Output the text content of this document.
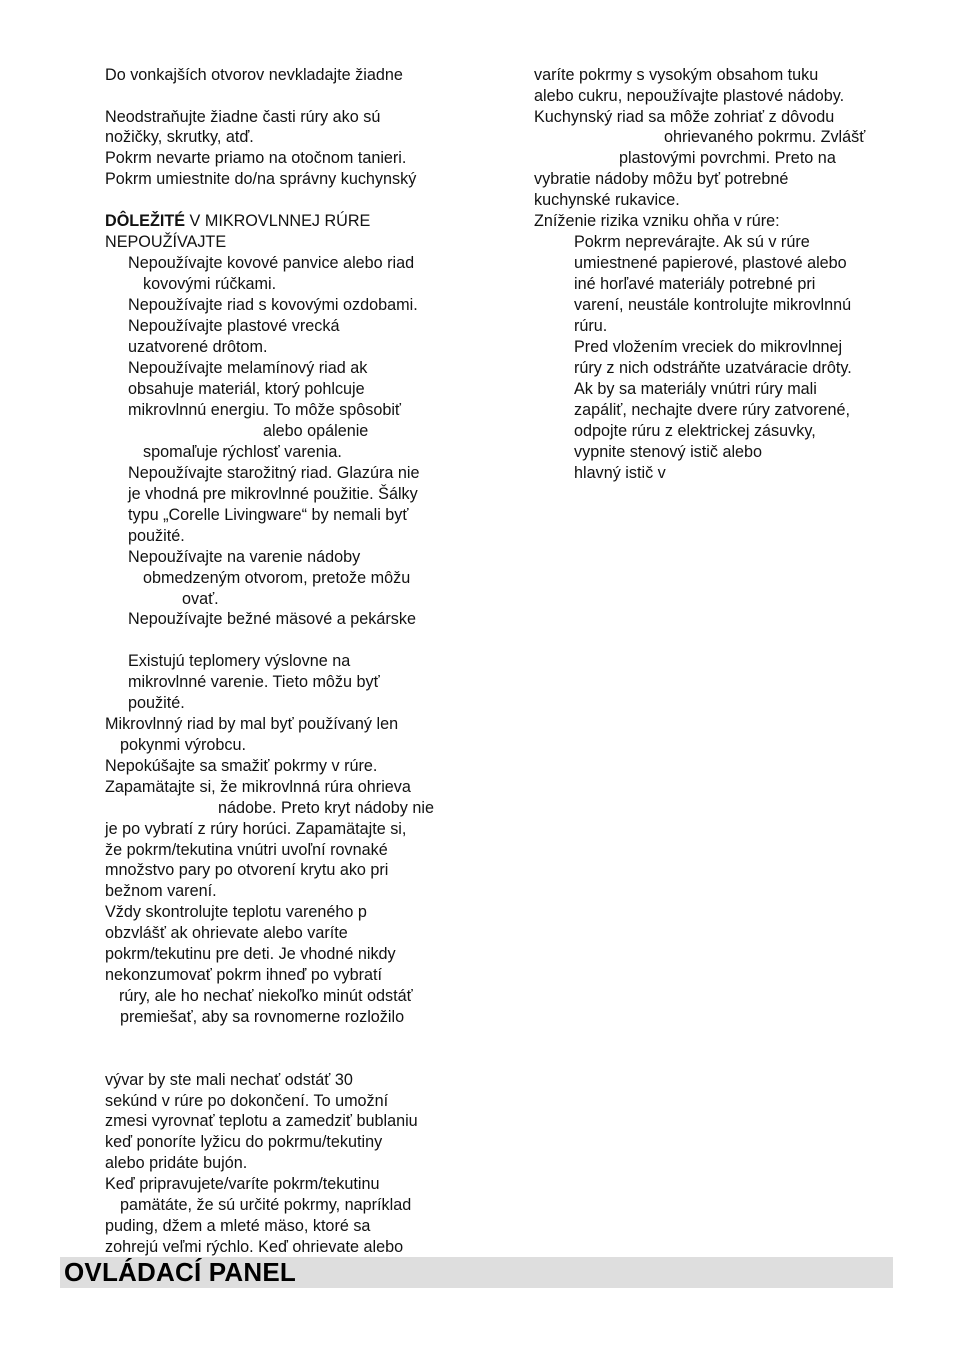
Do vonkajších otvorov nevkladajte žiadne
Neodstraňujte žiadne časti rúry ako sú
nožičky, skrutky, atď.
Pokrm nevarte priamo na otočnom tanieri.
Pokrm umiestnite do/na správny kuchynský
DÔLEŽITÉ V MIKROVLNNEJ RÚRE
NEPOUŽÍVAJTE
Nepoužívajte kovové panvice alebo riad
kovovými rúčkami.
Nepoužívajte riad s kovovými ozdobami.
Nepoužívajte plastové vrecká
uzatvorené drôtom.
Nepoužívajte melamínový riad ak
obsahuje materiál, ktorý pohlcuje
mikrovlnnú energiu. To môže spôsobiť
alebo opálenie
spomaľuje rýchlosť varenia.
Nepoužívajte starožitný riad. Glazúra nie
je vhodná pre mikrovlnné použitie. Šálky
typu „Corelle Livingware“ by nemali byť
použité.
Nepoužívajte na varenie nádoby
obmedzeným otvorom, pretože môžu
ovať.
Nepoužívajte bežné mäsové a pekárske
Existujú teplomery výslovne na
mikrovlnné varenie. Tieto môžu byť
použité.
Mikrovlnný riad by mal byť používaný len
pokynmi výrobcu.
Nepokúšajte sa smažiť pokrmy v rúre.
Zapamätajte si, že mikrovlnná rúra ohrieva
nádobe. Preto kryt nádoby nie
je po vybratí z rúry horúci. Zapamätajte si,
že pokrm/tekutina vnútri uvoľní rovnaké
množstvo pary po otvorení krytu ako pri
bežnom varení.
Vždy skontrolujte teplotu vareného p
obzvlášť ak ohrievate alebo varíte
pokrm/tekutinu pre deti. Je vhodné nikdy
nekonzumovať pokrm ihneď po vybratí
rúry, ale ho nechať niekoľko minút odstáť
premiešať, aby sa rovnomerne rozložilo
vývar by ste mali nechať odstáť 30
sekúnd v rúre po dokončení. To umožní
zmesi vyrovnať teplotu a zamedziť bublaniu
keď ponoríte lyžicu do pokrmu/tekutiny
alebo pridáte bujón.
Keď pripravujete/varíte pokrm/tekutinu
pamätáte, že sú určité pokrmy, napríklad
puding, džem a mleté mäso, ktoré sa
zohrejú veľmi rýchlo. Keď ohrievate alebo
varíte pokrmy s vysokým obsahom tuku
alebo cukru, nepoužívajte plastové nádoby.
Kuchynský riad sa môže zohriať z dôvodu
ohrievaného pokrmu. Zvlášť
plastovými povrchmi. Preto na
vybratie nádoby môžu byť potrebné
kuchynské rukavice.
Zníženie rizika vzniku ohňa v rúre:
Pokrm neprevárajte. Ak sú v rúre
umiestnené papierové, plastové alebo
iné horľavé materiály potrebné pri
varení, neustále kontrolujte mikrovlnnú
rúru.
Pred vložením vreciek do mikrovlnnej
rúry z nich odstráňte uzatváracie drôty.
Ak by sa materiály vnútri rúry mali
zapáliť, nechajte dvere rúry zatvorené,
odpojte rúru z elektrickej zásuvky,
vypnite stenový istič alebo
hlavný istič v
OVLÁDACÍ PANEL
